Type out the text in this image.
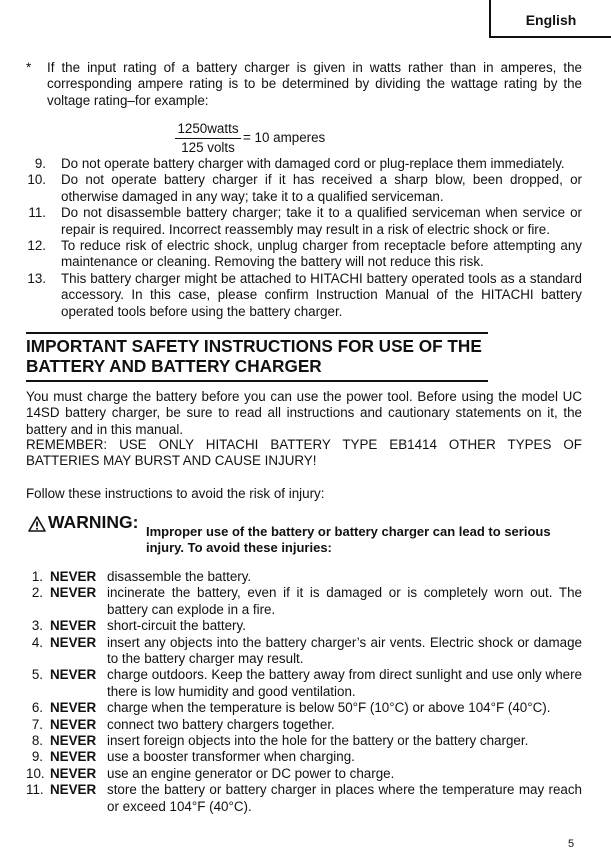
English
* If the input rating of a battery charger is given in watts rather than in amperes, the corresponding ampere rating is to be determined by dividing the wattage rating by the voltage rating–for example:
1250watts
125 volts
= 10 amperes
9. Do not operate battery charger with damaged cord or plug-replace them immediately.
10. Do not operate battery charger if it has received a sharp blow, been dropped, or otherwise damaged in any way; take it to a qualified serviceman.
11. Do not disassemble battery charger; take it to a qualified serviceman when service or repair is required. Incorrect reassembly may result in a risk of electric shock or fire.
12. To reduce risk of electric shock, unplug charger from receptacle before attempting any maintenance or cleaning. Removing the battery will not reduce this risk.
13. This battery charger might be attached to HITACHI battery operated tools as a standard accessory. In this case, please confirm Instruction Manual of the HITACHI battery operated tools before using the battery charger.
IMPORTANT SAFETY INSTRUCTIONS FOR USE OF THE BATTERY AND BATTERY CHARGER
You must charge the battery before you can use the power tool. Before using the model UC 14SD battery charger, be sure to read all instructions and cautionary statements on it, the battery and in this manual.
REMEMBER: USE ONLY HITACHI BATTERY TYPE EB1414 OTHER TYPES OF BATTERIES MAY BURST AND CAUSE INJURY!
Follow these instructions to avoid the risk of injury:
WARNING: Improper use of the battery or battery charger can lead to serious injury. To avoid these injuries:
1. NEVER disassemble the battery.
2. NEVER incinerate the battery, even if it is damaged or is completely worn out. The battery can explode in a fire.
3. NEVER short-circuit the battery.
4. NEVER insert any objects into the battery charger’s air vents. Electric shock or damage to the battery charger may result.
5. NEVER charge outdoors. Keep the battery away from direct sunlight and use only where there is low humidity and good ventilation.
6. NEVER charge when the temperature is below 50°F (10°C) or above 104°F (40°C).
7. NEVER connect two battery chargers together.
8. NEVER insert foreign objects into the hole for the battery or the battery charger.
9. NEVER use a booster transformer when charging.
10. NEVER use an engine generator or DC power to charge.
11. NEVER store the battery or battery charger in places where the temperature may reach or exceed 104°F (40°C).
5
